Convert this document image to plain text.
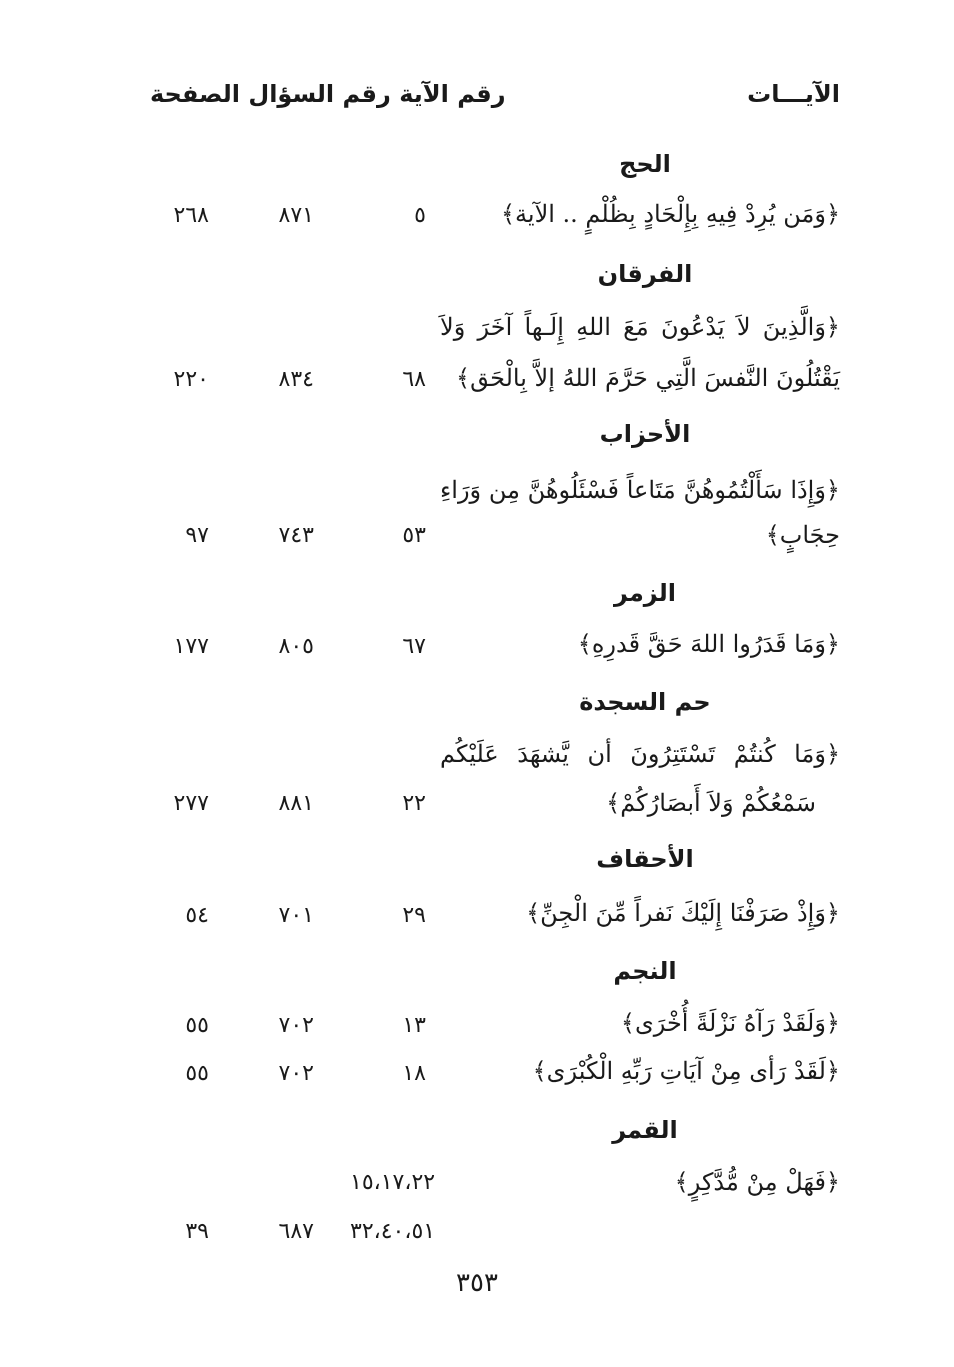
الآيـــات
رقم الآية رقم السؤال الصفحة
الحج
﴿وَمَن يُرِدْ فِيهِ بِإِلْحَادٍ بِظُلْمٍ .. الآية﴾
٥
٨٧١
٢٦٨
الفرقان
﴿وَالَّذِينَ لاَ يَدْعُونَ مَعَ اللهِ إِلَـهاً آخَرَ وَلاَ
يَقْتُلُونَ النَّفسَ الَّتِي حَرَّمَ اللهُ إلاَّ بِالْحَق﴾
٦٨
٨٣٤
٢٢٠
الأحزاب
﴿وَإِذَا سَأَلْتُمُوهُنَّ مَتَاعاً فَسْئَلُوهُنَّ مِن وَرَاءِ
حِجَابٍ﴾
٥٣
٧٤٣
٩٧
الزمر
﴿وَمَا قَدَرُوا اللهَ حَقَّ قَدرِهِ﴾
٦٧
٨٠٥
١٧٧
حم السجدة
﴿وَمَا كُنتُمْ تَسْتَتِرُونَ أن يَّشهَدَ عَلَيْكُم
سَمْعُكُمْ وَلاَ أَبصَارُكُمْ﴾
٢٢
٨٨١
٢٧٧
الأحقاف
﴿وَإِذْ صَرَفْنَا إِلَيْكَ نَفراً مِّنَ الْجِنِّ﴾
٢٩
٧٠١
٥٤
النجم
﴿وَلَقَدْ رَآهُ نَزْلَةً أُخْرَى﴾
١٣
٧٠٢
٥٥
﴿لَقَدْ رَأى مِنْ آيَاتِ رَبِّهِ الْكُبْرَى﴾
١٨
٧٠٢
٥٥
القمر
﴿فَهَلْ مِنْ مُّدَّكِرٍ﴾
١٥،١٧،٢٢
٣٢،٤٠،٥١
٦٨٧
٣٩
٣٥٣
